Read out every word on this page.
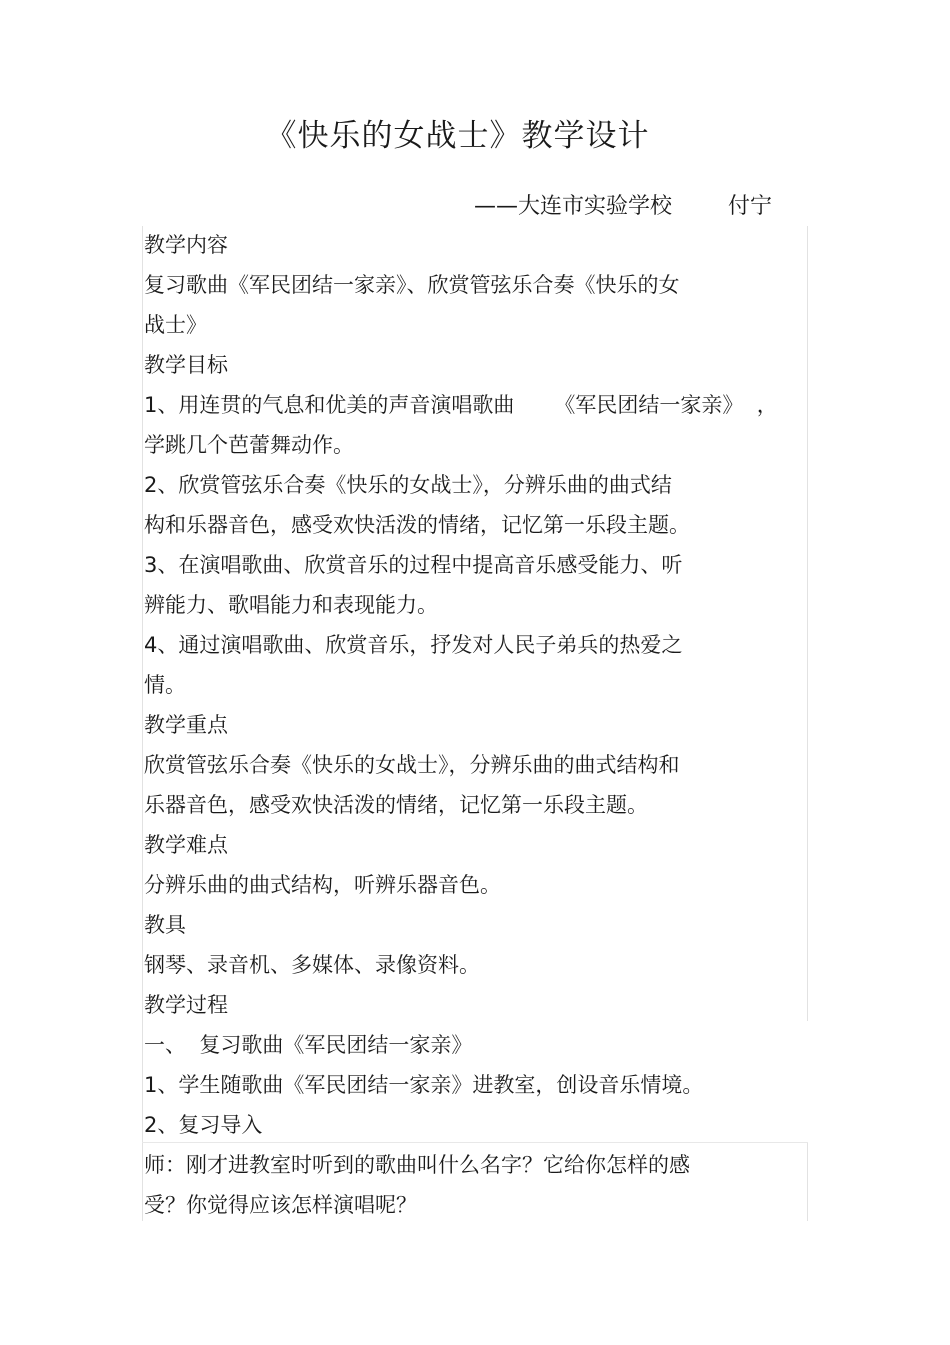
《快乐的女战士》教学设计
——大连市实验学校        付宁
教学内容
复习歌曲《军民团结一家亲》、欣赏管弦乐合奏《快乐的女
战士》
教学目标
1、用连贯的气息和优美的声音演唱歌曲      《军民团结一家亲》  ，
学跳几个芭蕾舞动作。
2、欣赏管弦乐合奏《快乐的女战士》，分辨乐曲的曲式结
构和乐器音色，感受欢快活泼的情绪，记忆第一乐段主题。
3、在演唱歌曲、欣赏音乐的过程中提高音乐感受能力、听
辨能力、歌唱能力和表现能力。
4、通过演唱歌曲、欣赏音乐，抒发对人民子弟兵的热爱之
情。
教学重点
欣赏管弦乐合奏《快乐的女战士》，分辨乐曲的曲式结构和
乐器音色，感受欢快活泼的情绪，记忆第一乐段主题。
教学难点
分辨乐曲的曲式结构，听辨乐器音色。
教具
钢琴、录音机、多媒体、录像资料。
教学过程
一、  复习歌曲《军民团结一家亲》
1、学生随歌曲《军民团结一家亲》进教室，创设音乐情境。
2、复习导入
师：刚才进教室时听到的歌曲叫什么名字？它给你怎样的感
受？你觉得应该怎样演唱呢？
